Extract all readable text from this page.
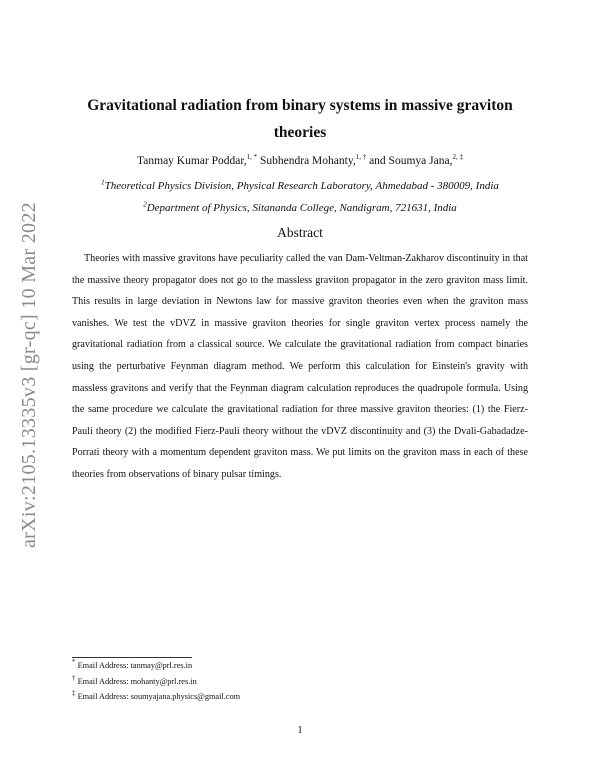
arXiv:2105.13335v3 [gr-qc] 10 Mar 2022
Gravitational radiation from binary systems in massive graviton theories
Tanmay Kumar Poddar,$^{1, *}$ Subhendra Mohanty,$^{1, \dagger}$ and Soumya Jana,$^{2, \ddagger}$
$^1$Theoretical Physics Division, Physical Research Laboratory, Ahmedabad - 380009, India
$^2$Department of Physics, Sitananda College, Nandigram, 721631, India
Abstract

Theories with massive gravitons have peculiarity called the van Dam-Veltman-Zakharov discontinuity in that the massive theory propagator does not go to the massless graviton propagator in the zero graviton mass limit. This results in large deviation in Newtons law for massive graviton theories even when the graviton mass vanishes. We test the vDVZ in massive graviton theories for single graviton vertex process namely the gravitational radiation from a classical source. We calculate the gravitational radiation from compact binaries using the perturbative Feynman diagram method. We perform this calculation for Einstein's gravity with massless gravitons and verify that the Feynman diagram calculation reproduces the quadrupole formula. Using the same procedure we calculate the gravitational radiation for three massive graviton theories: (1) the Fierz-Pauli theory (2) the modified Fierz-Pauli theory without the vDVZ discontinuity and (3) the Dvali-Gabadadze-Porrati theory with a momentum dependent graviton mass. We put limits on the graviton mass in each of these theories from observations of binary pulsar timings.

* Email Address: tanmay@prl.res.in
† Email Address: mohanty@prl.res.in
‡ Email Address: soumyajana.physics@gmail.com
1
